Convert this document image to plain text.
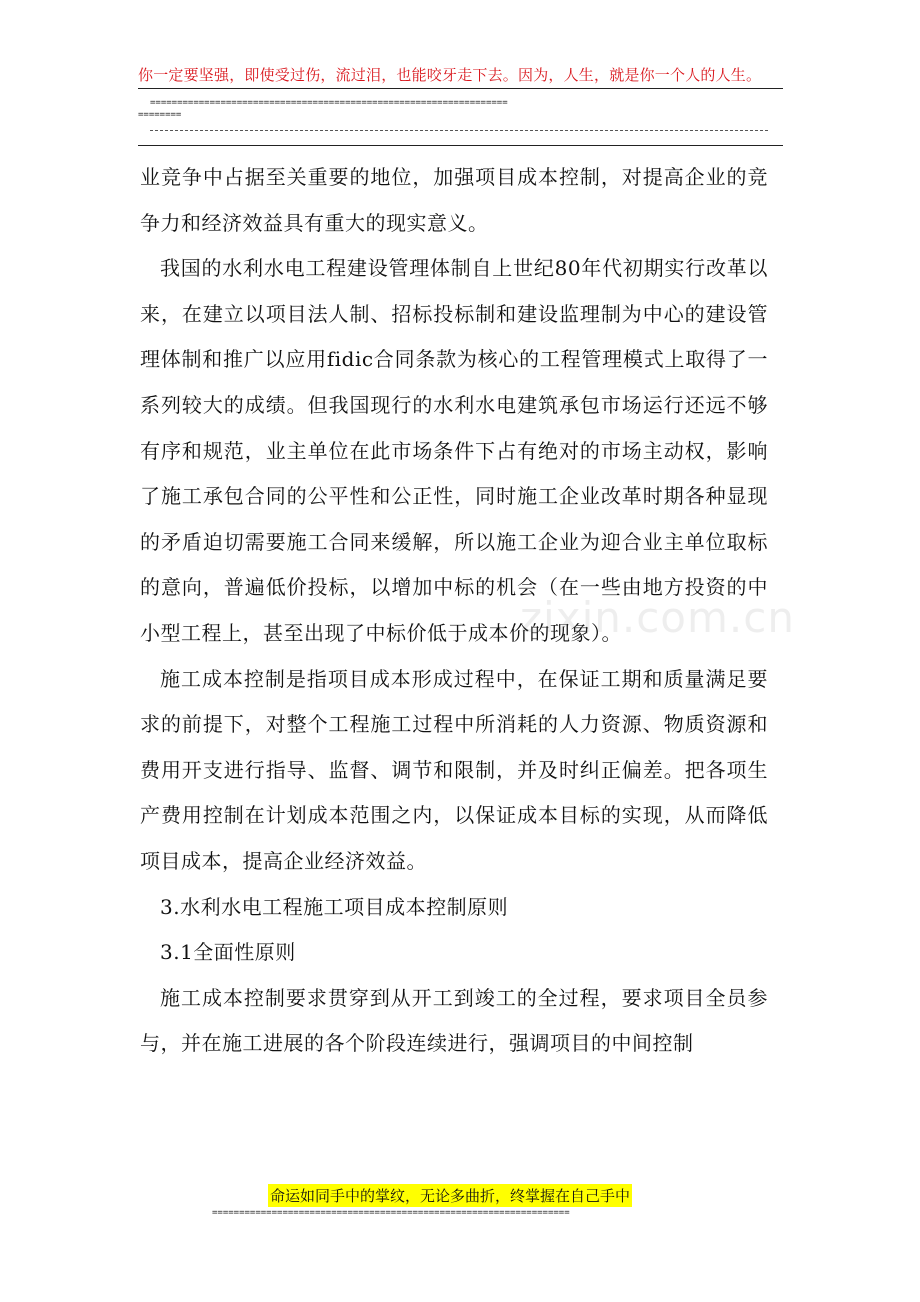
你一定要坚强，即使受过伤，流过泪，也能咬牙走下去。因为，人生，就是你一个人的人生。
==================================================================
========

业竞争中占据至关重要的地位，加强项目成本控制，对提高企业的竞争力和经济效益具有重大的现实意义。

我国的水利水电工程建设管理体制自上世纪80年代初期实行改革以来，在建立以项目法人制、招标投标制和建设监理制为中心的建设管理体制和推广以应用fidic合同条款为核心的工程管理模式上取得了一系列较大的成绩。但我国现行的水利水电建筑承包市场运行还远不够有序和规范，业主单位在此市场条件下占有绝对的市场主动权，影响了施工承包合同的公平性和公正性，同时施工企业改革时期各种显现的矛盾迫切需要施工合同来缓解，所以施工企业为迎合业主单位取标的意向，普遍低价投标，以增加中标的机会（在一些由地方投资的中小型工程上，甚至出现了中标价低于成本价的现象）。

施工成本控制是指项目成本形成过程中，在保证工期和质量满足要求的前提下，对整个工程施工过程中所消耗的人力资源、物质资源和费用开支进行指导、监督、调节和限制，并及时纠正偏差。把各项生产费用控制在计划成本范围之内，以保证成本目标的实现，从而降低项目成本，提高企业经济效益。

3.水利水电工程施工项目成本控制原则

3.1全面性原则

施工成本控制要求贯穿到从开工到竣工的全过程，要求项目全员参与，并在施工进展的各个阶段连续进行，强调项目的中间控制

zixin.com.cn
命运如同手中的掌纹，无论多曲折，终掌握在自己手中
==================================================================
